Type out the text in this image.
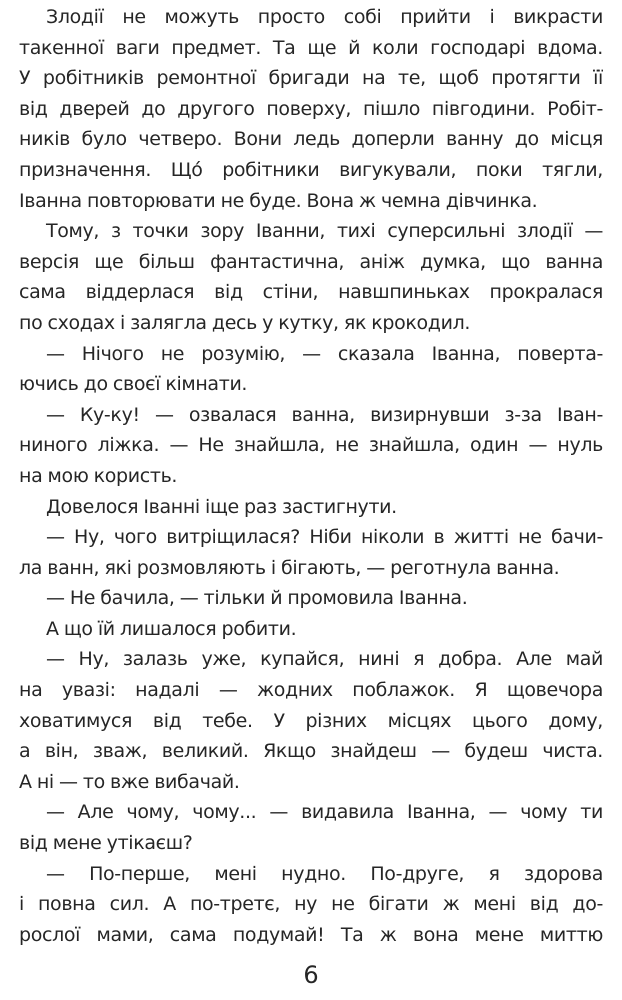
Злодії не можуть просто собі прийти і викрасти
такенної ваги предмет. Та ще й коли господарі вдома.
У робітників ремонтної бригади на те, щоб протягти її
від дверей до другого поверху, пішло півгодини. Робіт-
ників було четверо. Вони ледь доперли ванну до місця
призначення. Щó робітники вигукували, поки тягли,
Іванна повторювати не буде. Вона ж чемна дівчинка.

Тому, з точки зору Іванни, тихі суперсильні злодії —
версія ще більш фантастична, аніж думка, що ванна
сама віддерлася від стіни, навшпиньках прокралася
по сходах і залягла десь у кутку, як крокодил.

— Нічого не розумію, — сказала Іванна, поверта-
ючись до своєї кімнати.

— Ку-ку! — озвалася ванна, визирнувши з-за Іван-
ниного ліжка. — Не знайшла, не знайшла, один — нуль
на мою користь.

Довелося Іванні іще раз застигнути.

— Ну, чого витріщилася? Ніби ніколи в житті не бачи-
ла ванн, які розмовляють і бігають, — реготнула ванна.

— Не бачила, — тільки й промовила Іванна.

А що їй лишалося робити.

— Ну, залазь уже, купайся, нині я добра. Але май
на увазі: надалі — жодних поблажок. Я щовечора
ховатимуся від тебе. У різних місцях цього дому,
а він, зваж, великий. Якщо знайдеш — будеш чиста.
А ні — то вже вибачай.

— Але чому, чому... — видавила Іванна, — чому ти
від мене утікаєш?

— По-перше, мені нудно. По-друге, я здорова
і повна сил. А по-третє, ну не бігати ж мені від до-
рослої мами, сама подумай! Та ж вона мене миттю

6
